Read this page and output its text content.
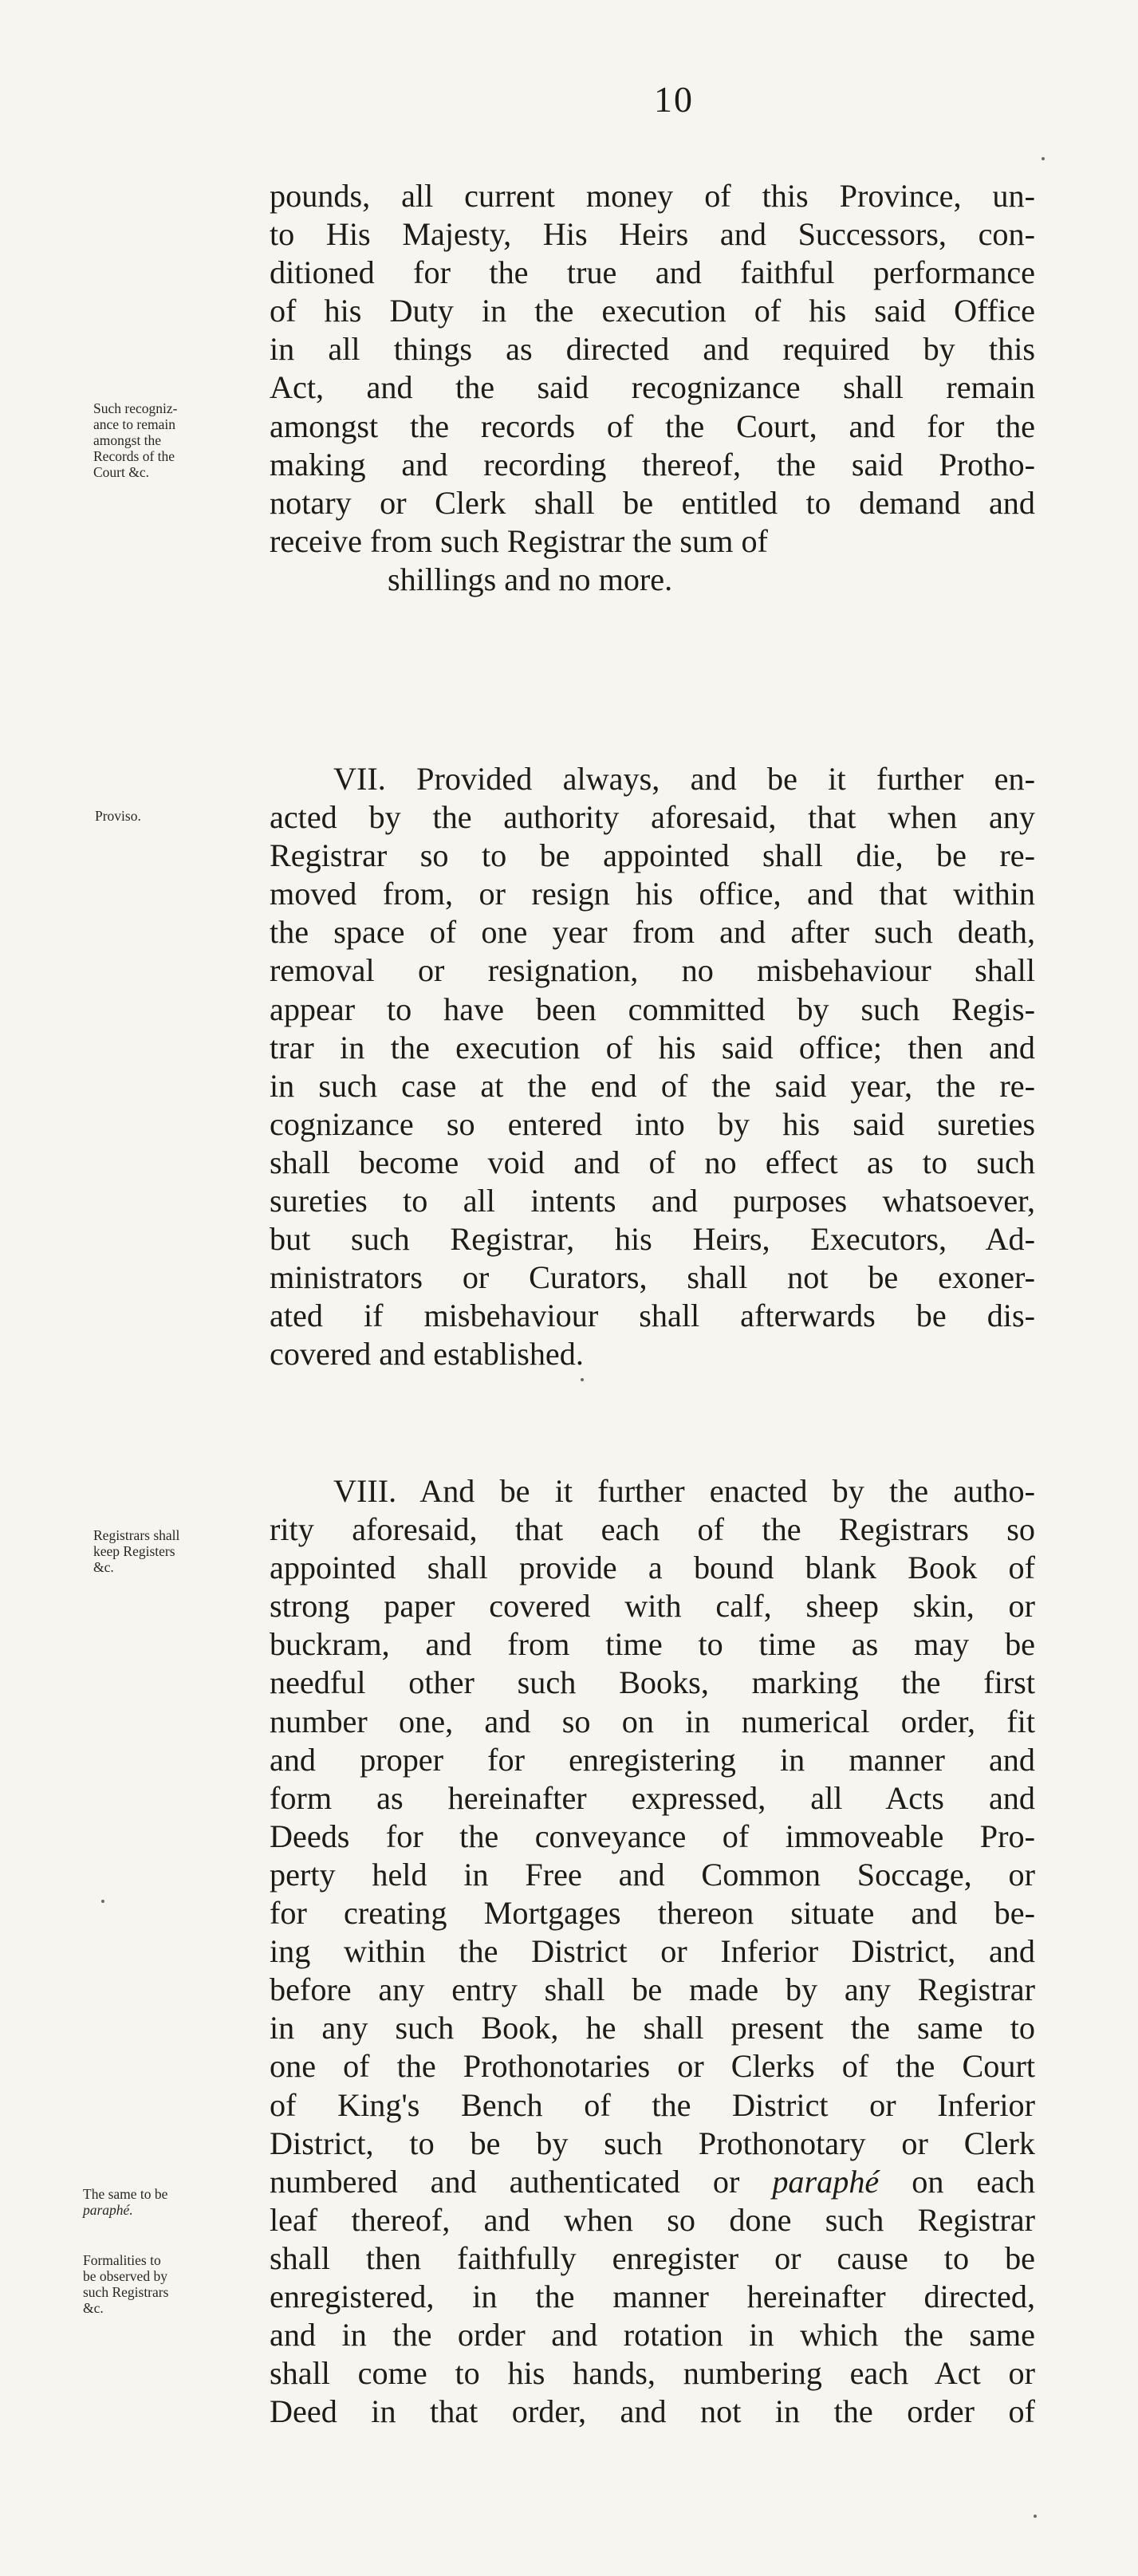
10
pounds, all current money of this Province, un-
to His Majesty, His Heirs and Successors, con-
ditioned for the true and faithful performance
of his Duty in the execution of his said Office
in all things as directed and required by this
Act, and the said recognizance shall remain
amongst the records of the Court, and for the
making and recording thereof, the said Protho-
notary or Clerk shall be entitled to demand and
receive from such Registrar the sum of
shillings and no more.
VII. Provided always, and be it further en-
acted by the authority aforesaid, that when any
Registrar so to be appointed shall die, be re-
moved from, or resign his office, and that within
the space of one year from and after such death,
removal or resignation, no misbehaviour shall
appear to have been committed by such Regis-
trar in the execution of his said office; then and
in such case at the end of the said year, the re-
cognizance so entered into by his said sureties
shall become void and of no effect as to such
sureties to all intents and purposes whatsoever,
but such Registrar, his Heirs, Executors, Ad-
ministrators or Curators, shall not be exoner-
ated if misbehaviour shall afterwards be dis-
covered and established.
VIII. And be it further enacted by the autho-
rity aforesaid, that each of the Registrars so
appointed shall provide a bound blank Book of
strong paper covered with calf, sheep skin, or
buckram, and from time to time as may be
needful other such Books, marking the first
number one, and so on in numerical order, fit
and proper for enregistering in manner and
form as hereinafter expressed, all Acts and
Deeds for the conveyance of immoveable Pro-
perty held in Free and Common Soccage, or
for creating Mortgages thereon situate and be-
ing within the District or Inferior District, and
before any entry shall be made by any Registrar
in any such Book, he shall present the same to
one of the Prothonotaries or Clerks of the Court
of King's Bench of the District or Inferior
District, to be by such Prothonotary or Clerk
numbered and authenticated or paraphé on each
leaf thereof, and when so done such Registrar
shall then faithfully enregister or cause to be
enregistered, in the manner hereinafter directed,
and in the order and rotation in which the same
shall come to his hands, numbering each Act or
Deed in that order, and not in the order of
Such recogniz-
ance to remain
amongst the
Records of the
Court &c.
Proviso.
Registrars shall
keep Registers
&c.
The same to be
paraphé.
Formalities to
be observed by
such Registrars
&c.
